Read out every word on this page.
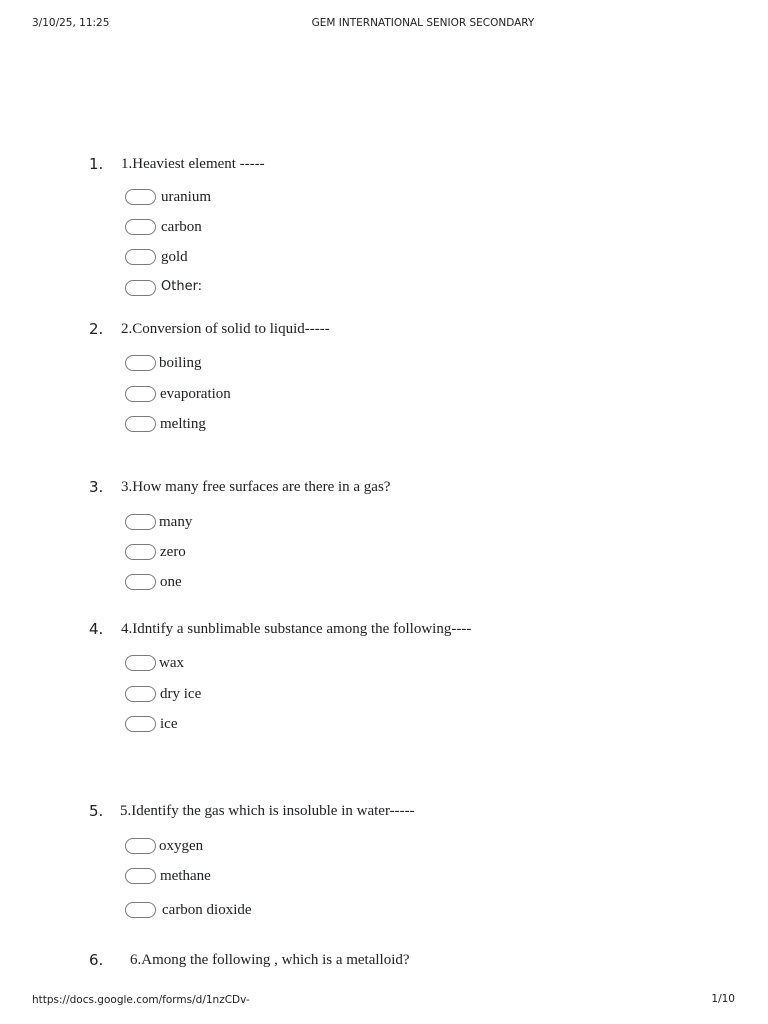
3/10/25, 11:25	GEM INTERNATIONAL SENIOR SECONDARY
1. 1.Heaviest element -----
uranium
carbon
gold
Other:
2. 2.Conversion of solid to liquid-----
boiling
evaporation
melting
3. 3.How many free surfaces are there in a gas?
many
zero
one
4. 4.Idntify a sunblimable substance among the following----
wax
dry ice
ice
5. 5.Identify the gas which is insoluble in water-----
oxygen
methane
carbon dioxide
6. 6.Among the following , which is a metalloid?
https://docs.google.com/forms/d/1nzCDv-	1/10
